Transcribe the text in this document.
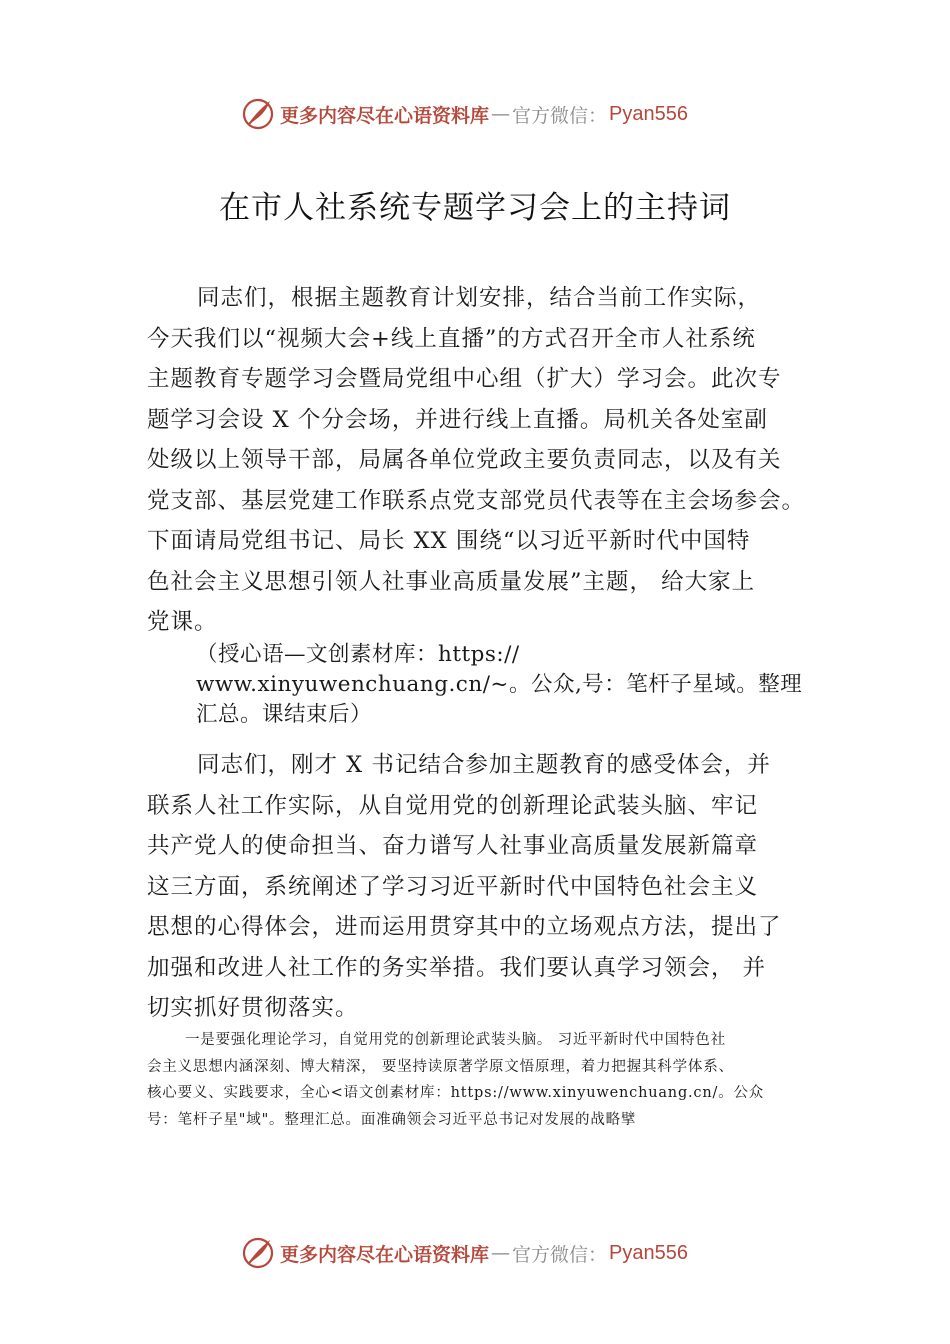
更多内容尽在心语资料库 — 官方微信： Pyan556
在市人社系统专题学习会上的主持词
同志们，根据主题教育计划安排，结合当前工作实际，
今天我们以“视频大会+线上直播”的方式召开全市人社系统
主题教育专题学习会暨局党组中心组（扩大）学习会。此次专
题学习会设 X 个分会场，并进行线上直播。局机关各处室副
处级以上领导干部，局属各单位党政主要负责同志，以及有关
党支部、基层党建工作联系点党支部党员代表等在主会场参会。
下面请局党组书记、局长 XX 围绕“以习近平新时代中国特
色社会主义思想引领人社事业高质量发展”主题， 给大家上
党课。
（授心语—文创素材库：https://
www.xinyuwenchuang.cn/~。公众,号：笔杆子星域。整理
汇总。课结束后）
同志们，刚才 X 书记结合参加主题教育的感受体会，并
联系人社工作实际，从自觉用党的创新理论武装头脑、牢记
共产党人的使命担当、奋力谱写人社事业高质量发展新篇章
这三方面，系统阐述了学习习近平新时代中国特色社会主义
思想的心得体会，进而运用贯穿其中的立场观点方法，提出了
加强和改进人社工作的务实举措。我们要认真学习领会， 并
切实抓好贯彻落实。
一是要强化理论学习，自觉用党的创新理论武装头脑。 习近平新时代中国特色社
会主义思想内涵深刻、博大精深， 要坚持读原著学原文悟原理，着力把握其科学体系、
核心要义、实践要求，全心<语文创素材库：https://www.xinyuwenchuang.cn/。公众
号：笔杆子星"域"。整理汇总。面准确领会习近平总书记对发展的战略擘
更多内容尽在心语资料库 — 官方微信： Pyan556
